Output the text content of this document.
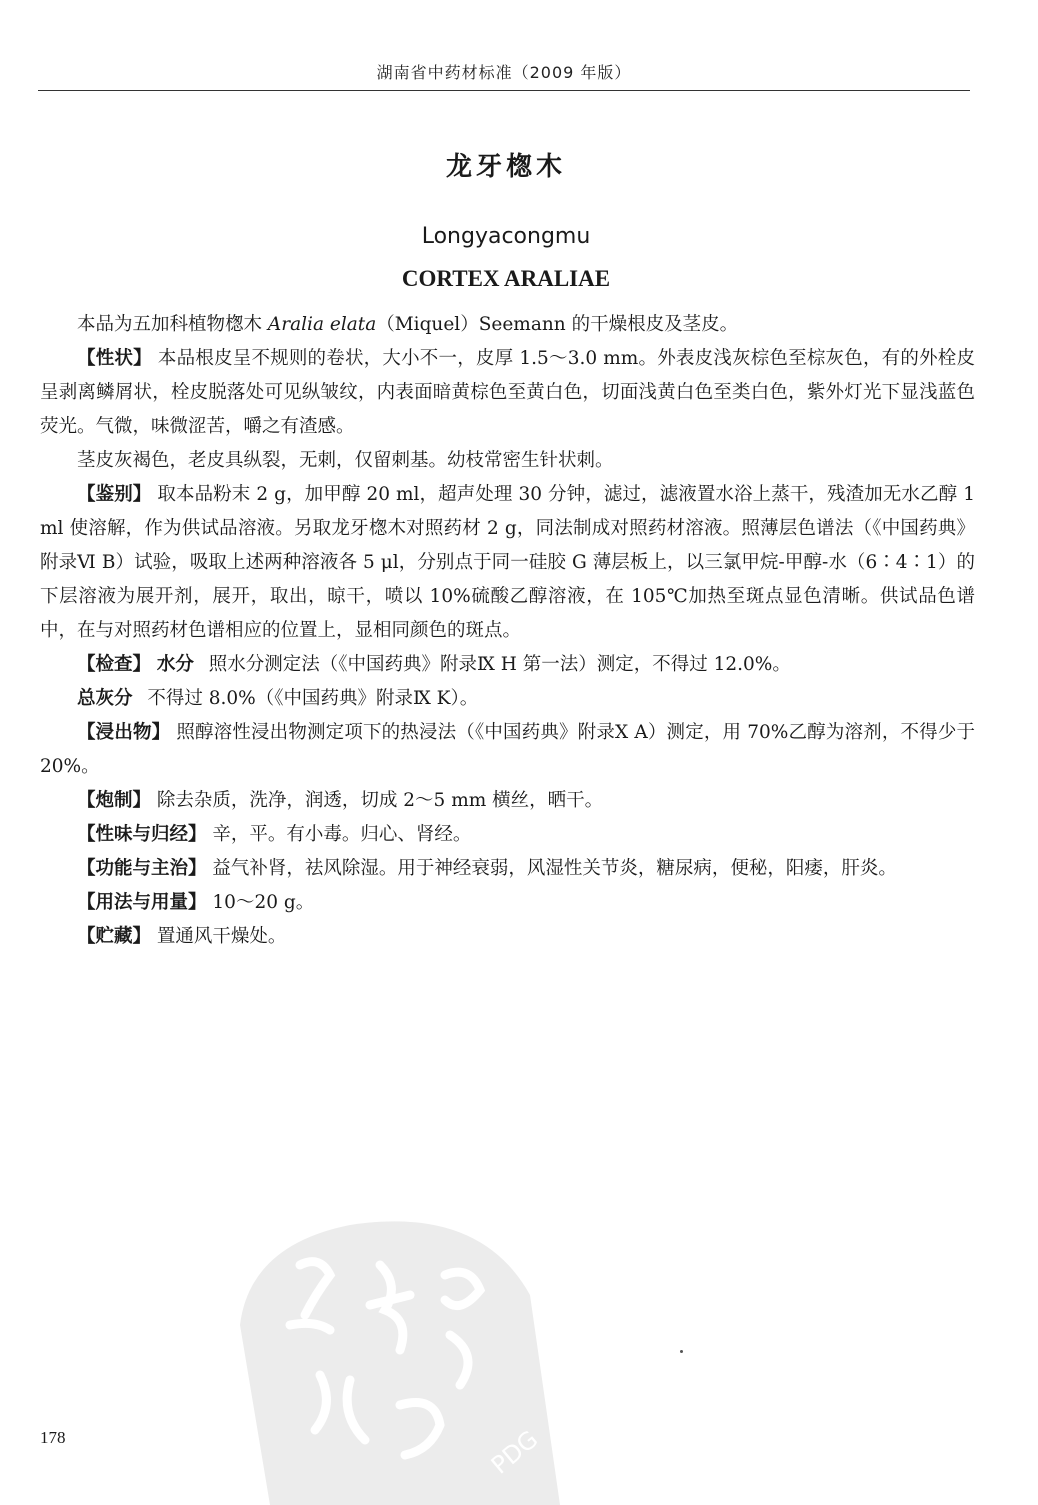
湖南省中药材标准（2009 年版）
龙牙楤木
Longyacongmu
CORTEX ARALIAE

本品为五加科植物楤木 Aralia elata（Miquel）Seemann 的干燥根皮及茎皮。

【性状】 本品根皮呈不规则的卷状，大小不一，皮厚 1.5～3.0 mm。外表皮浅灰棕色至棕灰色，有的外栓皮呈剥离鳞屑状，栓皮脱落处可见纵皱纹，内表面暗黄棕色至黄白色，切面浅黄白色至类白色，紫外灯光下显浅蓝色荧光。气微，味微涩苦，嚼之有渣感。

茎皮灰褐色，老皮具纵裂，无刺，仅留刺基。幼枝常密生针状刺。

【鉴别】 取本品粉末 2 g，加甲醇 20 ml，超声处理 30 分钟，滤过，滤液置水浴上蒸干，残渣加无水乙醇 1 ml 使溶解，作为供试品溶液。另取龙牙楤木对照药材 2 g，同法制成对照药材溶液。照薄层色谱法（《中国药典》附录Ⅵ B）试验，吸取上述两种溶液各 5 μl，分别点于同一硅胶 G 薄层板上，以三氯甲烷-甲醇-水（6∶4∶1）的下层溶液为展开剂，展开，取出，晾干，喷以 10%硫酸乙醇溶液，在 105℃加热至斑点显色清晰。供试品色谱中，在与对照药材色谱相应的位置上，显相同颜色的斑点。

【检查】 水分 照水分测定法（《中国药典》附录Ⅸ H 第一法）测定，不得过 12.0%。

总灰分 不得过 8.0%（《中国药典》附录Ⅸ K）。

【浸出物】 照醇溶性浸出物测定项下的热浸法（《中国药典》附录Ⅹ A）测定，用 70%乙醇为溶剂，不得少于 20%。

【炮制】 除去杂质，洗净，润透，切成 2～5 mm 横丝，晒干。

【性味与归经】 辛，平。有小毒。归心、肾经。

【功能与主治】 益气补肾，祛风除湿。用于神经衰弱，风湿性关节炎，糖尿病，便秘，阳痿，肝炎。

【用法与用量】 10～20 g。

【贮藏】 置通风干燥处。

PDG
178
